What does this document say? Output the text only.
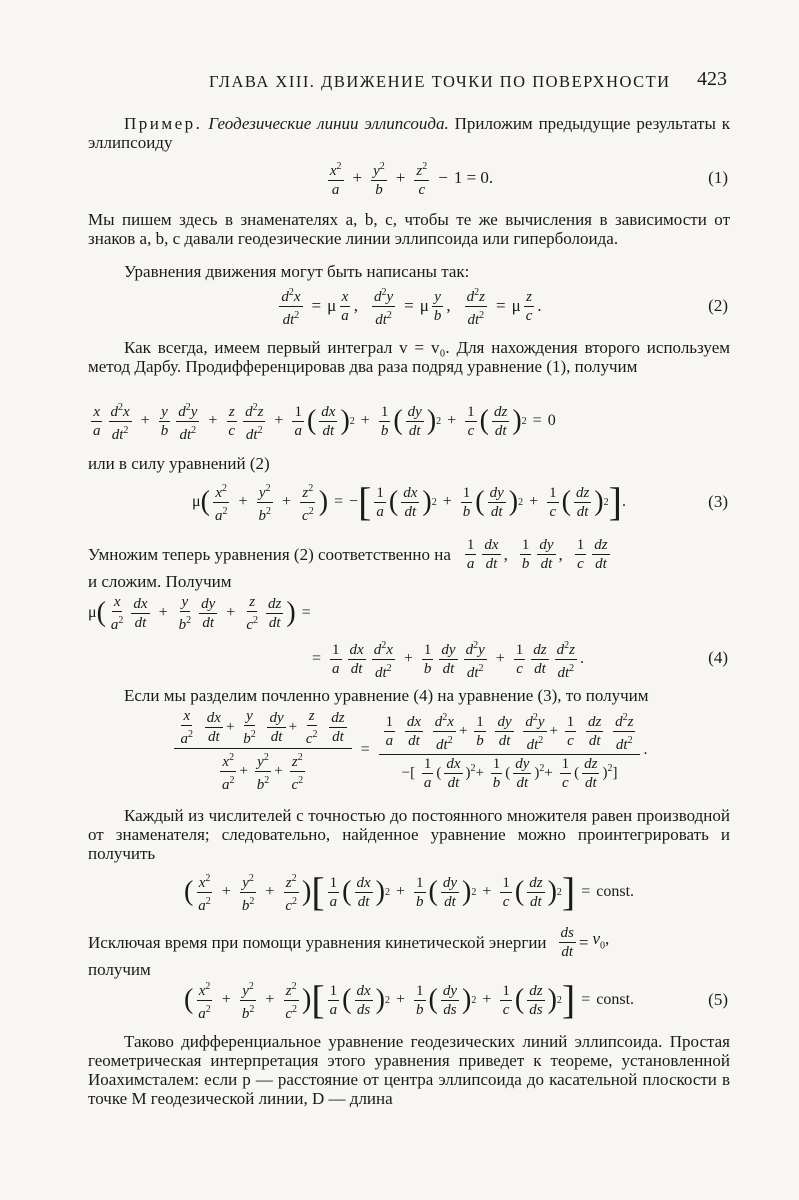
ГЛАВА XIII. ДВИЖЕНИЕ ТОЧКИ ПО ПОВЕРХНОСТИ 423
Пример. Геодезические линии эллипсоида. Приложим предыдущие результаты к эллипсоиду
$x^2$
a
+ $\frac{y^2}{b} + \frac{z^2}{c} - 1 = 0$.	(1)
Мы пишем здесь в знаменателях a, b, c, чтобы те же вычисления в зависимости от знаков a, b, c давали геодезические линии эллипсоида или гиперболоида.
Уравнения движения могут быть написаны так:
$\frac{d^2x}{dt^2} = \mu$ x
a
, $\frac{d^2y}{dt^2} = \mu$ y
b
, $\frac{d^2z}{dt^2} = \mu$ z
c
.	(2)
Как всегда, имеем первый интеграл v = v₀. Для нахождения второго используем метод Дарбу. Продифференцировав два раза подряд уравнение (1), получим
x
a
$d^2x$
$dt^2$
+ $\frac{y}{b} d^2y$
$dt^2$
+ $\frac{z}{c} d^2z$
$dt^2$
+ $\frac{1}{a}$ ( dx
dt ) $2 + \frac{1}{b}$ ( dy
dt ) $2 + \frac{1}{c}$ ( dz
dt ) 2 = 0
или в силу уравнений (2)
μ ( $x^2$
$a^2$
+ $\frac{y^2}{b^2} + \frac{z^2}{c^2}$ ) = − [ 1
a ( dx
dt ) $2 + \frac{1}{b}$ ( dy
dt ) $2 + \frac{1}{c}$ ( dz
dt ) 2 ] .	(3)
Умножим теперь уравнения (2) соответственно на 1
a
dx
dt , 1
b
dy
dt , 1
c
dz
dt
и сложим. Получим
μ ( x
$a^2$
dx
dt
+ $\frac{y}{b^2}$ dy
dt
+ $\frac{z}{c^2}$ dz
dt ) =
= $\frac{1}{a}$ dx
dt
$d^2x$
$dt^2$
+ $\frac{1}{b}$ dy
dt
$d^2y$
$dt^2$
+ $\frac{1}{c}$ dz
dt
$d^2z$
$dt^2$
.	(4)
Если мы разделим почленно уравнение (4) на уравнение (3), то получим
$\frac{x}{a^2}$
$\frac{dx}{dt} + \frac{y}{b^2}$
$\frac{dy}{dt} + \frac{z}{c^2}$
$\frac{dz}{dt}$
$\frac{x^2}{a^2} + \frac{y^2}{b^2} + \frac{z^2}{c^2}$	= $\frac{1}{a}$
$\frac{dx}{dt}$
$\frac{d^2x}{dt^2} + \frac{1}{b}$
$\frac{dy}{dt}$
$\frac{d^2y}{dt^2} + \frac{1}{c}$
$\frac{dz}{dt}$
$\frac{d^2z}{dt^2}$
−[ $\frac{1}{a}$ ( $\frac{dx}{dt} )^2+ \frac{1}{b}$ ( $\frac{dy}{dt} )^2+ \frac{1}{c}$ ( $\frac{dz}{dt} )^2$]
.
Каждый из числителей с точностью до постоянного множителя равен производной от знаменателя; следовательно, найденное уравнение можно проинтегрировать и получить
( $x^2$
$a^2$
+ $\frac{y^2}{b^2} + \frac{z^2}{c^2}$ ) [ 1
a ( dx
dt ) $2 + \frac{1}{b}$ ( dy
dt ) $2 + \frac{1}{c}$ ( dz
dt ) 2 ] = const.
Исключая время при помощи уравнения кинетической энергии $\frac{ds}{dt} = v_0$,
получим
( $x^2$
$a^2$
+ $\frac{y^2}{b^2} + \frac{z^2}{c^2}$ ) [ 1
a ( dx
ds ) $2 + \frac{1}{b}$ ( dy
ds ) $2 + \frac{1}{c}$ ( dz
ds ) 2 ] = const.	(5)
Таково дифференциальное уравнение геодезических линий эллипсоида. Простая геометрическая интерпретация этого уравнения приведет к теореме, установленной Иоахимсталем: если p — расстояние от центра эллипсоида до касательной плоскости в точке M геодезической линии, D — длина
